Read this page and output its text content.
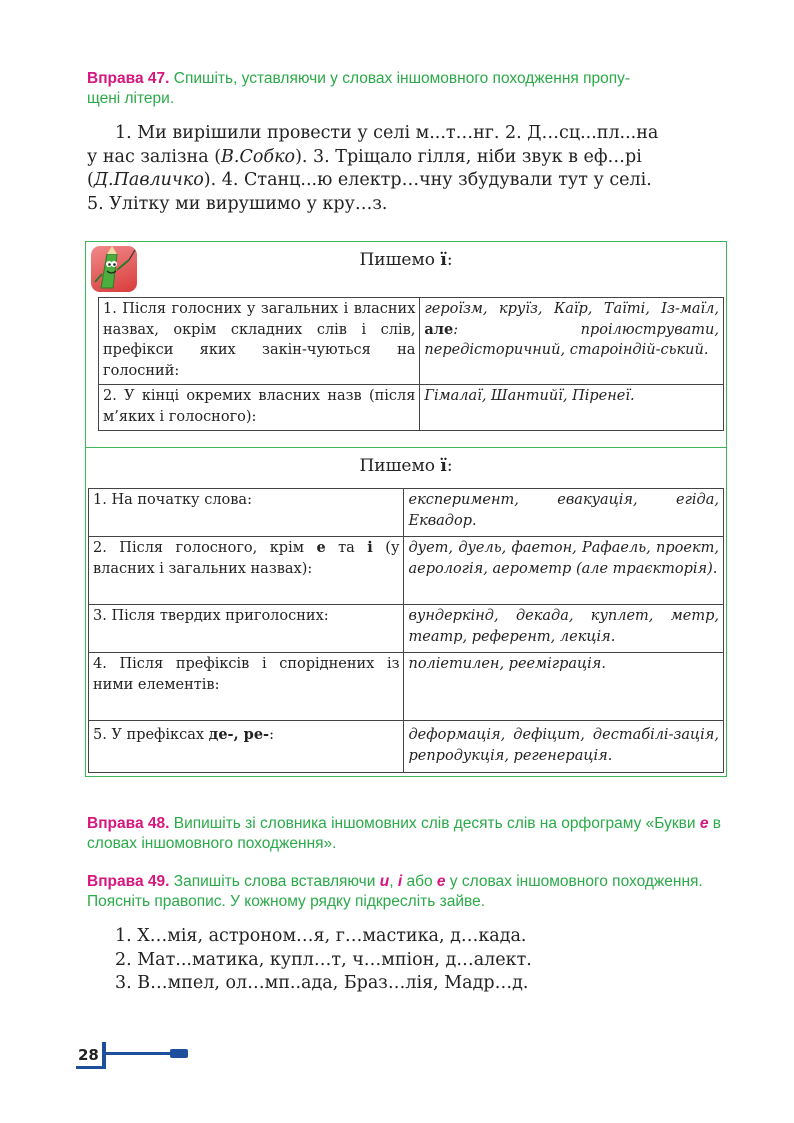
Вправа 47. Спишіть, уставляючи у словах іншомовного походження пропу-
щені літери.
1. Ми вирішили провести у селі м...т…нг. 2. Д…сц...пл...на
у нас залізна (В.Собко). 3. Тріщало гілля, ніби звук в еф…рі
(Д.Павличко). 4. Станц...ю електр…чну збудували тут у селі.
5. Улітку ми вирушимо у кру…з.
Пишемо ї:
1. Після голосних у загальних і власних назвах, окрім складних слів і слів, префікси яких закін-чуються на голосний:	героїзм, круїз, Каїр, Таїті, Із-маїл, але: проілюструвати, передісторичний, староіндій-ський.
2. У кінці окремих власних назв (після м’яких і голосного):	Гімалаї, Шантийї, Піренеї.
Пишемо ї:
1. На початку слова:	експеримент, евакуація, егіда, Еквадор.
2. Після голосного, крім е та і (у власних і загальних назвах):	дует, дуель, фаетон, Рафаель, проект, аерологія, аерометр (але траєкторія).
3. Після твердих приголосних:	вундеркінд, декада, куплет, метр, театр, референт, лекція.
4. Після префіксів і споріднених із ними елементів:	поліетилен, реемiграція.
5. У префіксах де-, ре-:	деформація, дефіцит, дестабілі-зація, репродукція, регенерація.
Вправа 48. Випишіть зі словника іншомовних слів десять слів на орфограму «Букви е в словах іншомовного походження».
Вправа 49. Запишіть слова вставляючи и, і або е у словах іншомовного походження. Поясніть правопис. У кожному рядку підкресліть зайве.
1. Х…мія, астроном…я, г…мастика, д…када.
2. Мат...матика, купл…т, ч…мпіон, д…алект.
3. В…мпел, ол…мп..ада, Браз…лія, Мадр…д.
28
